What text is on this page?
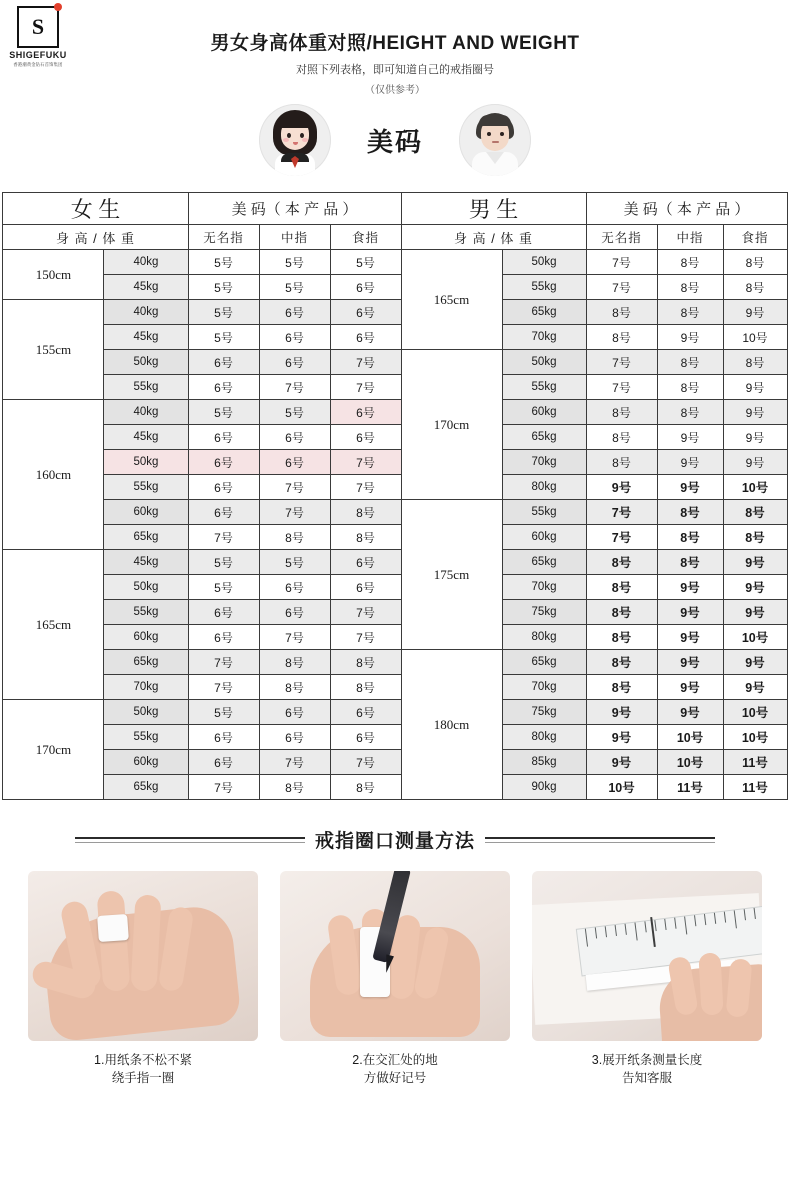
S
SHIGEFUKU
香港潮黄金钻石首饰集团
男女身高体重对照/HEIGHT AND WEIGHT
对照下列表格，即可知道自己的戒指圈号
（仅供参考）
美码
女 生		美 码（ 本 产 品 ）			男 生		美 码（ 本 产 品 ）		
身 高 / 体 重		无名指	中指	食指	身 高 / 体 重		无名指	中指	食指
150cm	40kg	5号	5号	5号	165cm	50kg	7号	8号	8号
	45kg	5号	5号	6号		55kg	7号	8号	8号
155cm	40kg	5号	6号	6号		65kg	8号	8号	9号
	45kg	5号	6号	6号		70kg	8号	9号	10号
	50kg	6号	6号	7号	170cm	50kg	7号	8号	8号
	55kg	6号	7号	7号		55kg	7号	8号	9号
160cm	40kg	5号	5号	6号		60kg	8号	8号	9号
	45kg	6号	6号	6号		65kg	8号	9号	9号
	50kg	6号	6号	7号		70kg	8号	9号	9号
	55kg	6号	7号	7号		80kg	9号	9号	10号
	60kg	6号	7号	8号	175cm	55kg	7号	8号	8号
	65kg	7号	8号	8号		60kg	7号	8号	8号
165cm	45kg	5号	5号	6号		65kg	8号	8号	9号
	50kg	5号	6号	6号		70kg	8号	9号	9号
	55kg	6号	6号	7号		75kg	8号	9号	9号
	60kg	6号	7号	7号		80kg	8号	9号	10号
	65kg	7号	8号	8号	180cm	65kg	8号	9号	9号
	70kg	7号	8号	8号		70kg	8号	9号	9号
170cm	50kg	5号	6号	6号		75kg	9号	9号	10号
	55kg	6号	6号	6号		80kg	9号	10号	10号
	60kg	6号	7号	7号		85kg	9号	10号	11号
	65kg	7号	8号	8号		90kg	10号	11号	11号
戒指圈口测量方法
1.用纸条不松不紧
绕手指一圈
2.在交汇处的地
方做好记号
3.展开纸条测量长度
告知客服
